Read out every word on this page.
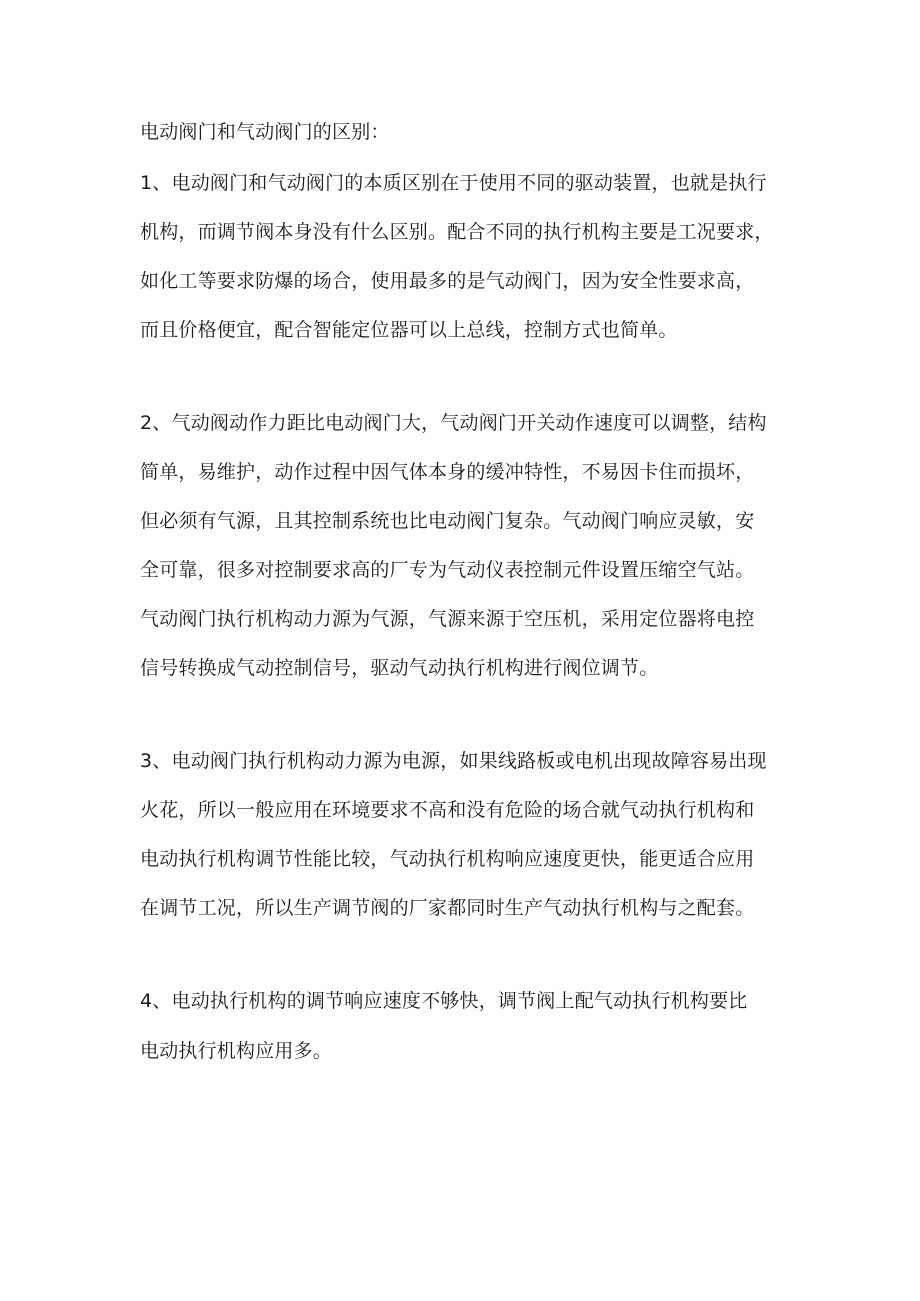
电动阀门和气动阀门的区别：
1、电动阀门和气动阀门的本质区别在于使用不同的驱动装置，也就是执行
机构，而调节阀本身没有什么区别。配合不同的执行机构主要是工况要求，
如化工等要求防爆的场合，使用最多的是气动阀门，因为安全性要求高，
而且价格便宜，配合智能定位器可以上总线，控制方式也简单。
2、气动阀动作力距比电动阀门大，气动阀门开关动作速度可以调整，结构
简单，易维护，动作过程中因气体本身的缓冲特性，不易因卡住而损坏，
但必须有气源，且其控制系统也比电动阀门复杂。气动阀门响应灵敏，安
全可靠，很多对控制要求高的厂专为气动仪表控制元件设置压缩空气站。
气动阀门执行机构动力源为气源，气源来源于空压机，采用定位器将电控
信号转换成气动控制信号，驱动气动执行机构进行阀位调节。
3、电动阀门执行机构动力源为电源，如果线路板或电机出现故障容易出现
火花，所以一般应用在环境要求不高和没有危险的场合就气动执行机构和
电动执行机构调节性能比较，气动执行机构响应速度更快，能更适合应用
在调节工况，所以生产调节阀的厂家都同时生产气动执行机构与之配套。
4、电动执行机构的调节响应速度不够快，调节阀上配气动执行机构要比
电动执行机构应用多。
